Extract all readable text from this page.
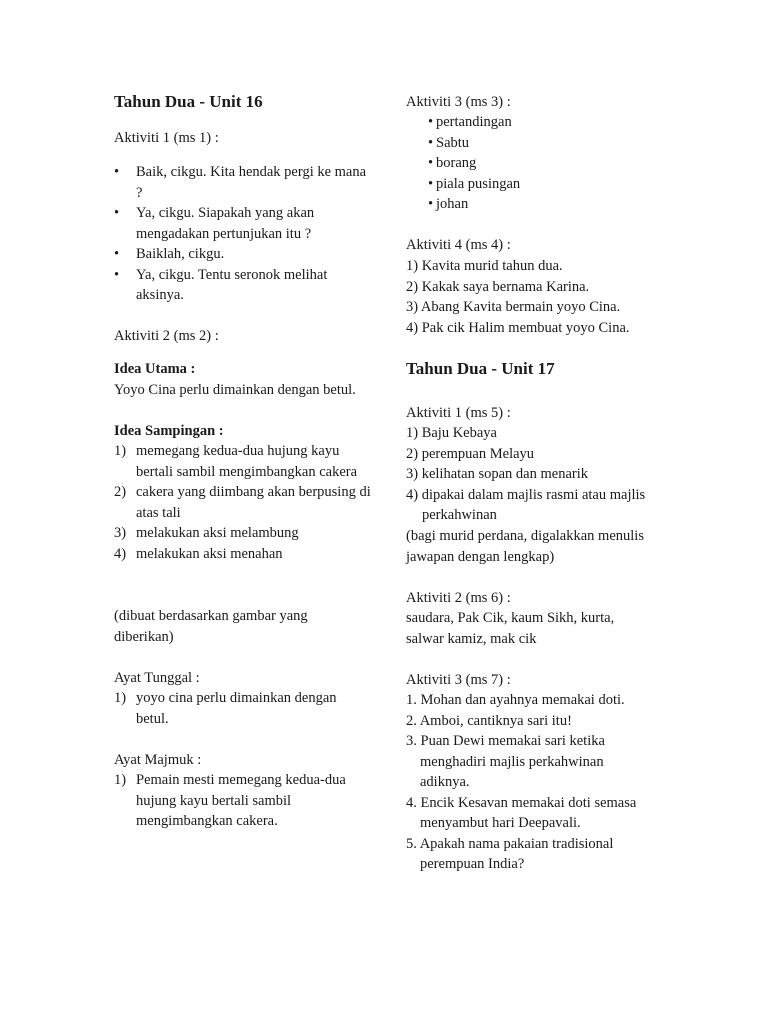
Tahun Dua - Unit 16

Aktiviti 1 (ms 1) :

• Baik, cikgu. Kita hendak pergi ke mana ?
• Ya, cikgu. Siapakah yang akan mengadakan pertunjukan itu ?
• Baiklah, cikgu.
• Ya, cikgu. Tentu seronok melihat aksinya.

Aktiviti 2 (ms 2) :

Idea Utama :

Yoyo Cina perlu dimainkan dengan betul.

Idea Sampingan :

1) memegang kedua-dua hujung kayu bertali sambil mengimbangkan cakera
2) cakera yang diimbang akan berpusing di atas tali
3) melakukan aksi melambung
4) melakukan aksi menahan

(dibuat berdasarkan gambar yang diberikan)

Ayat Tunggal :

1) yoyo cina perlu dimainkan dengan betul.

Ayat Majmuk :

1) Pemain mesti memegang kedua-dua hujung kayu bertali sambil mengimbangkan cakera.

Aktiviti 3 (ms 3) :

• pertandingan
• Sabtu
• borang
• piala pusingan
• johan

Aktiviti 4 (ms 4) :

1) Kavita murid tahun dua.

2) Kakak saya bernama Karina.

3) Abang Kavita bermain yoyo Cina.

4) Pak cik Halim membuat yoyo Cina.

Tahun Dua - Unit 17

Aktiviti 1 (ms 5) :

1) Baju Kebaya

2) perempuan Melayu

3) kelihatan sopan dan menarik

4) dipakai dalam majlis rasmi atau majlis perkahwinan

(bagi murid perdana, digalakkan menulis jawapan dengan lengkap)

Aktiviti 2 (ms 6) :

saudara, Pak Cik, kaum Sikh, kurta, salwar kamiz, mak cik

Aktiviti 3 (ms 7) :

1. Mohan dan ayahnya memakai doti.

2. Amboi, cantiknya sari itu!

3. Puan Dewi memakai sari ketika menghadiri majlis perkahwinan adiknya.

4. Encik Kesavan memakai doti semasa menyambut hari Deepavali.

5. Apakah nama pakaian tradisional perempuan India?
